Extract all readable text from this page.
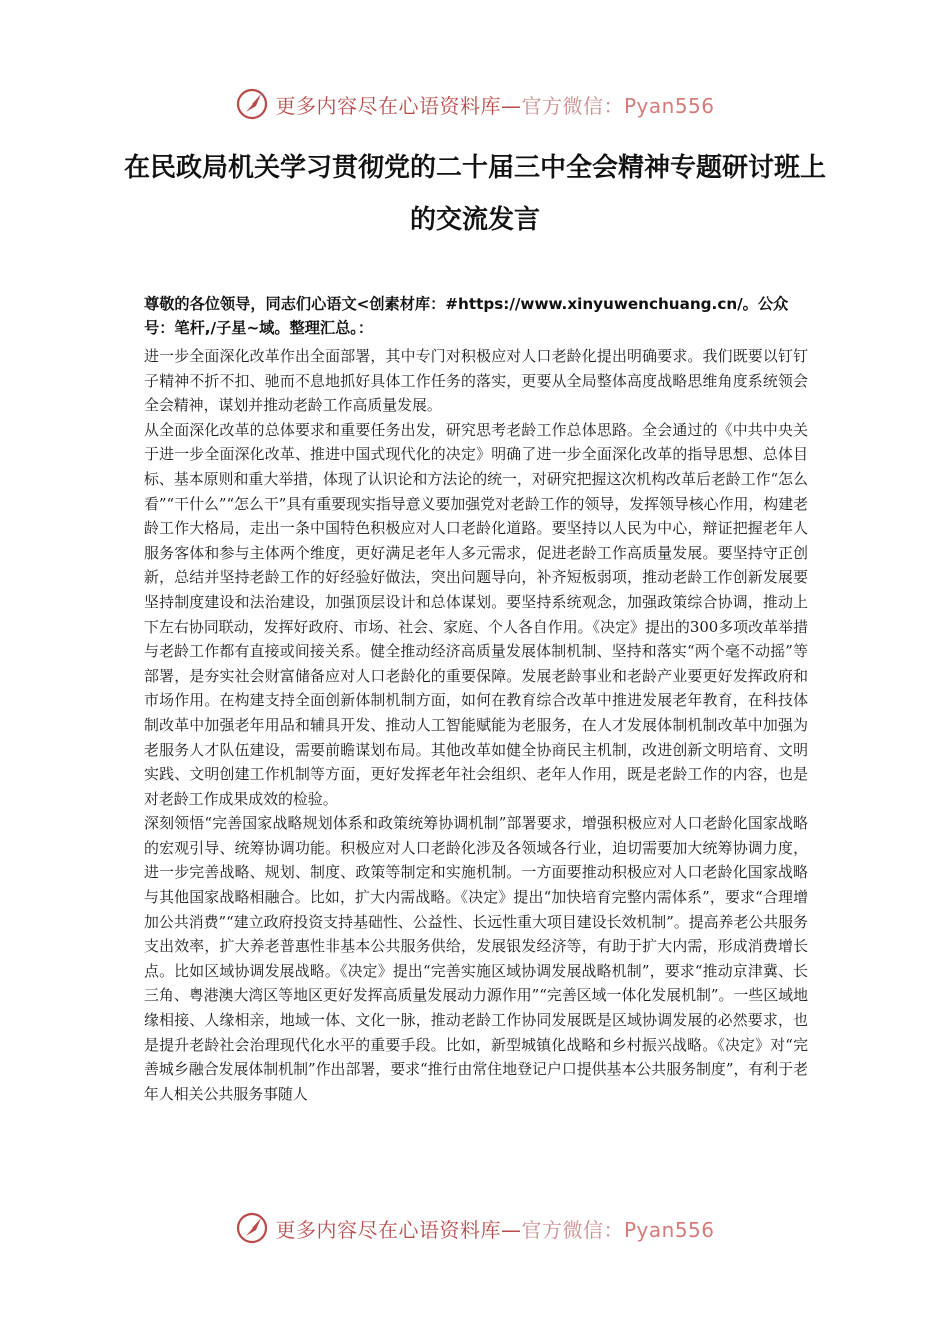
更多内容尽在心语资料库—官方微信：Pyan556
在民政局机关学习贯彻党的二十届三中全会精神专题研讨班上的交流发言
尊敬的各位领导，同志们心语文<创素材库：#https://www.xinyuwenchuang.cn/。公众号：笔杆,/子星~域。整理汇总。：

进一步全面深化改革作出全面部署，其中专门对积极应对人口老龄化提出明确要求。我们既要以钉钉子精神不折不扣、驰而不息地抓好具体工作任务的落实，更要从全局整体高度战略思维角度系统领会全会精神，谋划并推动老龄工作高质量发展。

从全面深化改革的总体要求和重要任务出发，研究思考老龄工作总体思路。全会通过的《中共中央关于进一步全面深化改革、推进中国式现代化的决定》明确了进一步全面深化改革的指导思想、总体目标、基本原则和重大举措，体现了认识论和方法论的统一，对研究把握这次机构改革后老龄工作“怎么看”“干什么”“怎么干”具有重要现实指导意义要加强党对老龄工作的领导，发挥领导核心作用，构建老龄工作大格局，走出一条中国特色积极应对人口老龄化道路。要坚持以人民为中心，辩证把握老年人服务客体和参与主体两个维度，更好满足老年人多元需求，促进老龄工作高质量发展。要坚持守正创新，总结并坚持老龄工作的好经验好做法，突出问题导向，补齐短板弱项，推动老龄工作创新发展要坚持制度建设和法治建设，加强顶层设计和总体谋划。要坚持系统观念，加强政策综合协调，推动上下左右协同联动，发挥好政府、市场、社会、家庭、个人各自作用。《决定》提出的300多项改革举措与老龄工作都有直接或间接关系。健全推动经济高质量发展体制机制、坚持和落实“两个毫不动摇”等部署，是夯实社会财富储备应对人口老龄化的重要保障。发展老龄事业和老龄产业要更好发挥政府和市场作用。在构建支持全面创新体制机制方面，如何在教育综合改革中推进发展老年教育，在科技体制改革中加强老年用品和辅具开发、推动人工智能赋能为老服务，在人才发展体制机制改革中加强为老服务人才队伍建设，需要前瞻谋划布局。其他改革如健全协商民主机制，改进创新文明培育、文明实践、文明创建工作机制等方面，更好发挥老年社会组织、老年人作用，既是老龄工作的内容，也是对老龄工作成果成效的检验。

深刻领悟“完善国家战略规划体系和政策统筹协调机制”部署要求，增强积极应对人口老龄化国家战略的宏观引导、统筹协调功能。积极应对人口老龄化涉及各领域各行业，迫切需要加大统筹协调力度，进一步完善战略、规划、制度、政策等制定和实施机制。一方面要推动积极应对人口老龄化国家战略与其他国家战略相融合。比如，扩大内需战略。《决定》提出“加快培育完整内需体系”，要求“合理增加公共消费”“建立政府投资支持基础性、公益性、长远性重大项目建设长效机制”。提高养老公共服务支出效率，扩大养老普惠性非基本公共服务供给，发展银发经济等，有助于扩大内需，形成消费增长点。比如区域协调发展战略。《决定》提出“完善实施区域协调发展战略机制”，要求“推动京津冀、长三角、粤港澳大湾区等地区更好发挥高质量发展动力源作用”“完善区域一体化发展机制”。一些区域地缘相接、人缘相亲，地域一体、文化一脉，推动老龄工作协同发展既是区域协调发展的必然要求，也是提升老龄社会治理现代化水平的重要手段。比如，新型城镇化战略和乡村振兴战略。《决定》对“完善城乡融合发展体制机制”作出部署，要求“推行由常住地登记户口提供基本公共服务制度”，有利于老年人相关公共服务事随人

更多内容尽在心语资料库—官方微信：Pyan556
